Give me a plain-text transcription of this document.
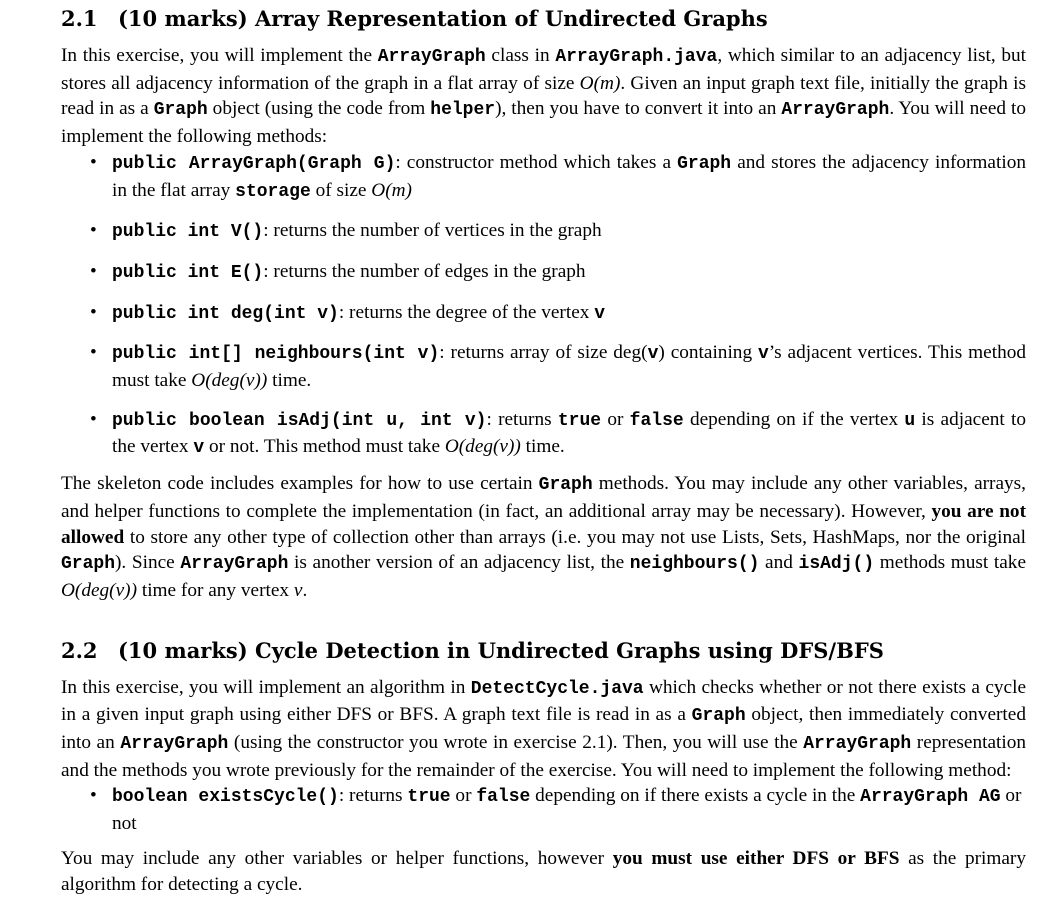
2.1 (10 marks)
Array Representation of Undirected Graphs

In this exercise, you will implement the ArrayGraph class in ArrayGraph.java, which similar to an adjacency list, but stores all adjacency information of the graph in a flat array of size O(m). Given an input graph text file, initially the graph is read in as a Graph object (using the code from helper), then you have to convert it into an ArrayGraph. You will need to implement the following methods:

• public ArrayGraph(Graph G): constructor method which takes a Graph and stores the adjacency information in the flat array storage of size O(m)
• public int V(): returns the number of vertices in the graph
• public int E(): returns the number of edges in the graph
• public int deg(int v): returns the degree of the vertex v
• public int[] neighbours(int v): returns array of size deg(v) containing v’s adjacent vertices. This method must take O(deg(v)) time.
• public boolean isAdj(int u, int v): returns true or false depending on if the vertex u is adjacent to the vertex v or not. This method must take O(deg(v)) time.

The skeleton code includes examples for how to use certain Graph methods. You may include any other variables, arrays, and helper functions to complete the implementation (in fact, an additional array may be necessary). However, you are not allowed to store any other type of collection other than arrays (i.e. you may not use Lists, Sets, HashMaps, nor the original Graph). Since ArrayGraph is another version of an adjacency list, the neighbours() and isAdj() methods must take O(deg(v)) time for any vertex v.

2.2 (10 marks)
Cycle Detection in Undirected Graphs using DFS/BFS

In this exercise, you will implement an algorithm in DetectCycle.java which checks whether or not there exists a cycle in a given input graph using either DFS or BFS. A graph text file is read in as a Graph object, then immediately converted into an ArrayGraph (using the constructor you wrote in exercise 2.1). Then, you will use the ArrayGraph representation and the methods you wrote previously for the remainder of the exercise. You will need to implement the following method:

• boolean existsCycle(): returns true or false depending on if there exists a cycle in the ArrayGraph AG or not

You may include any other variables or helper functions, however you must use either DFS or BFS as the primary algorithm for detecting a cycle.
